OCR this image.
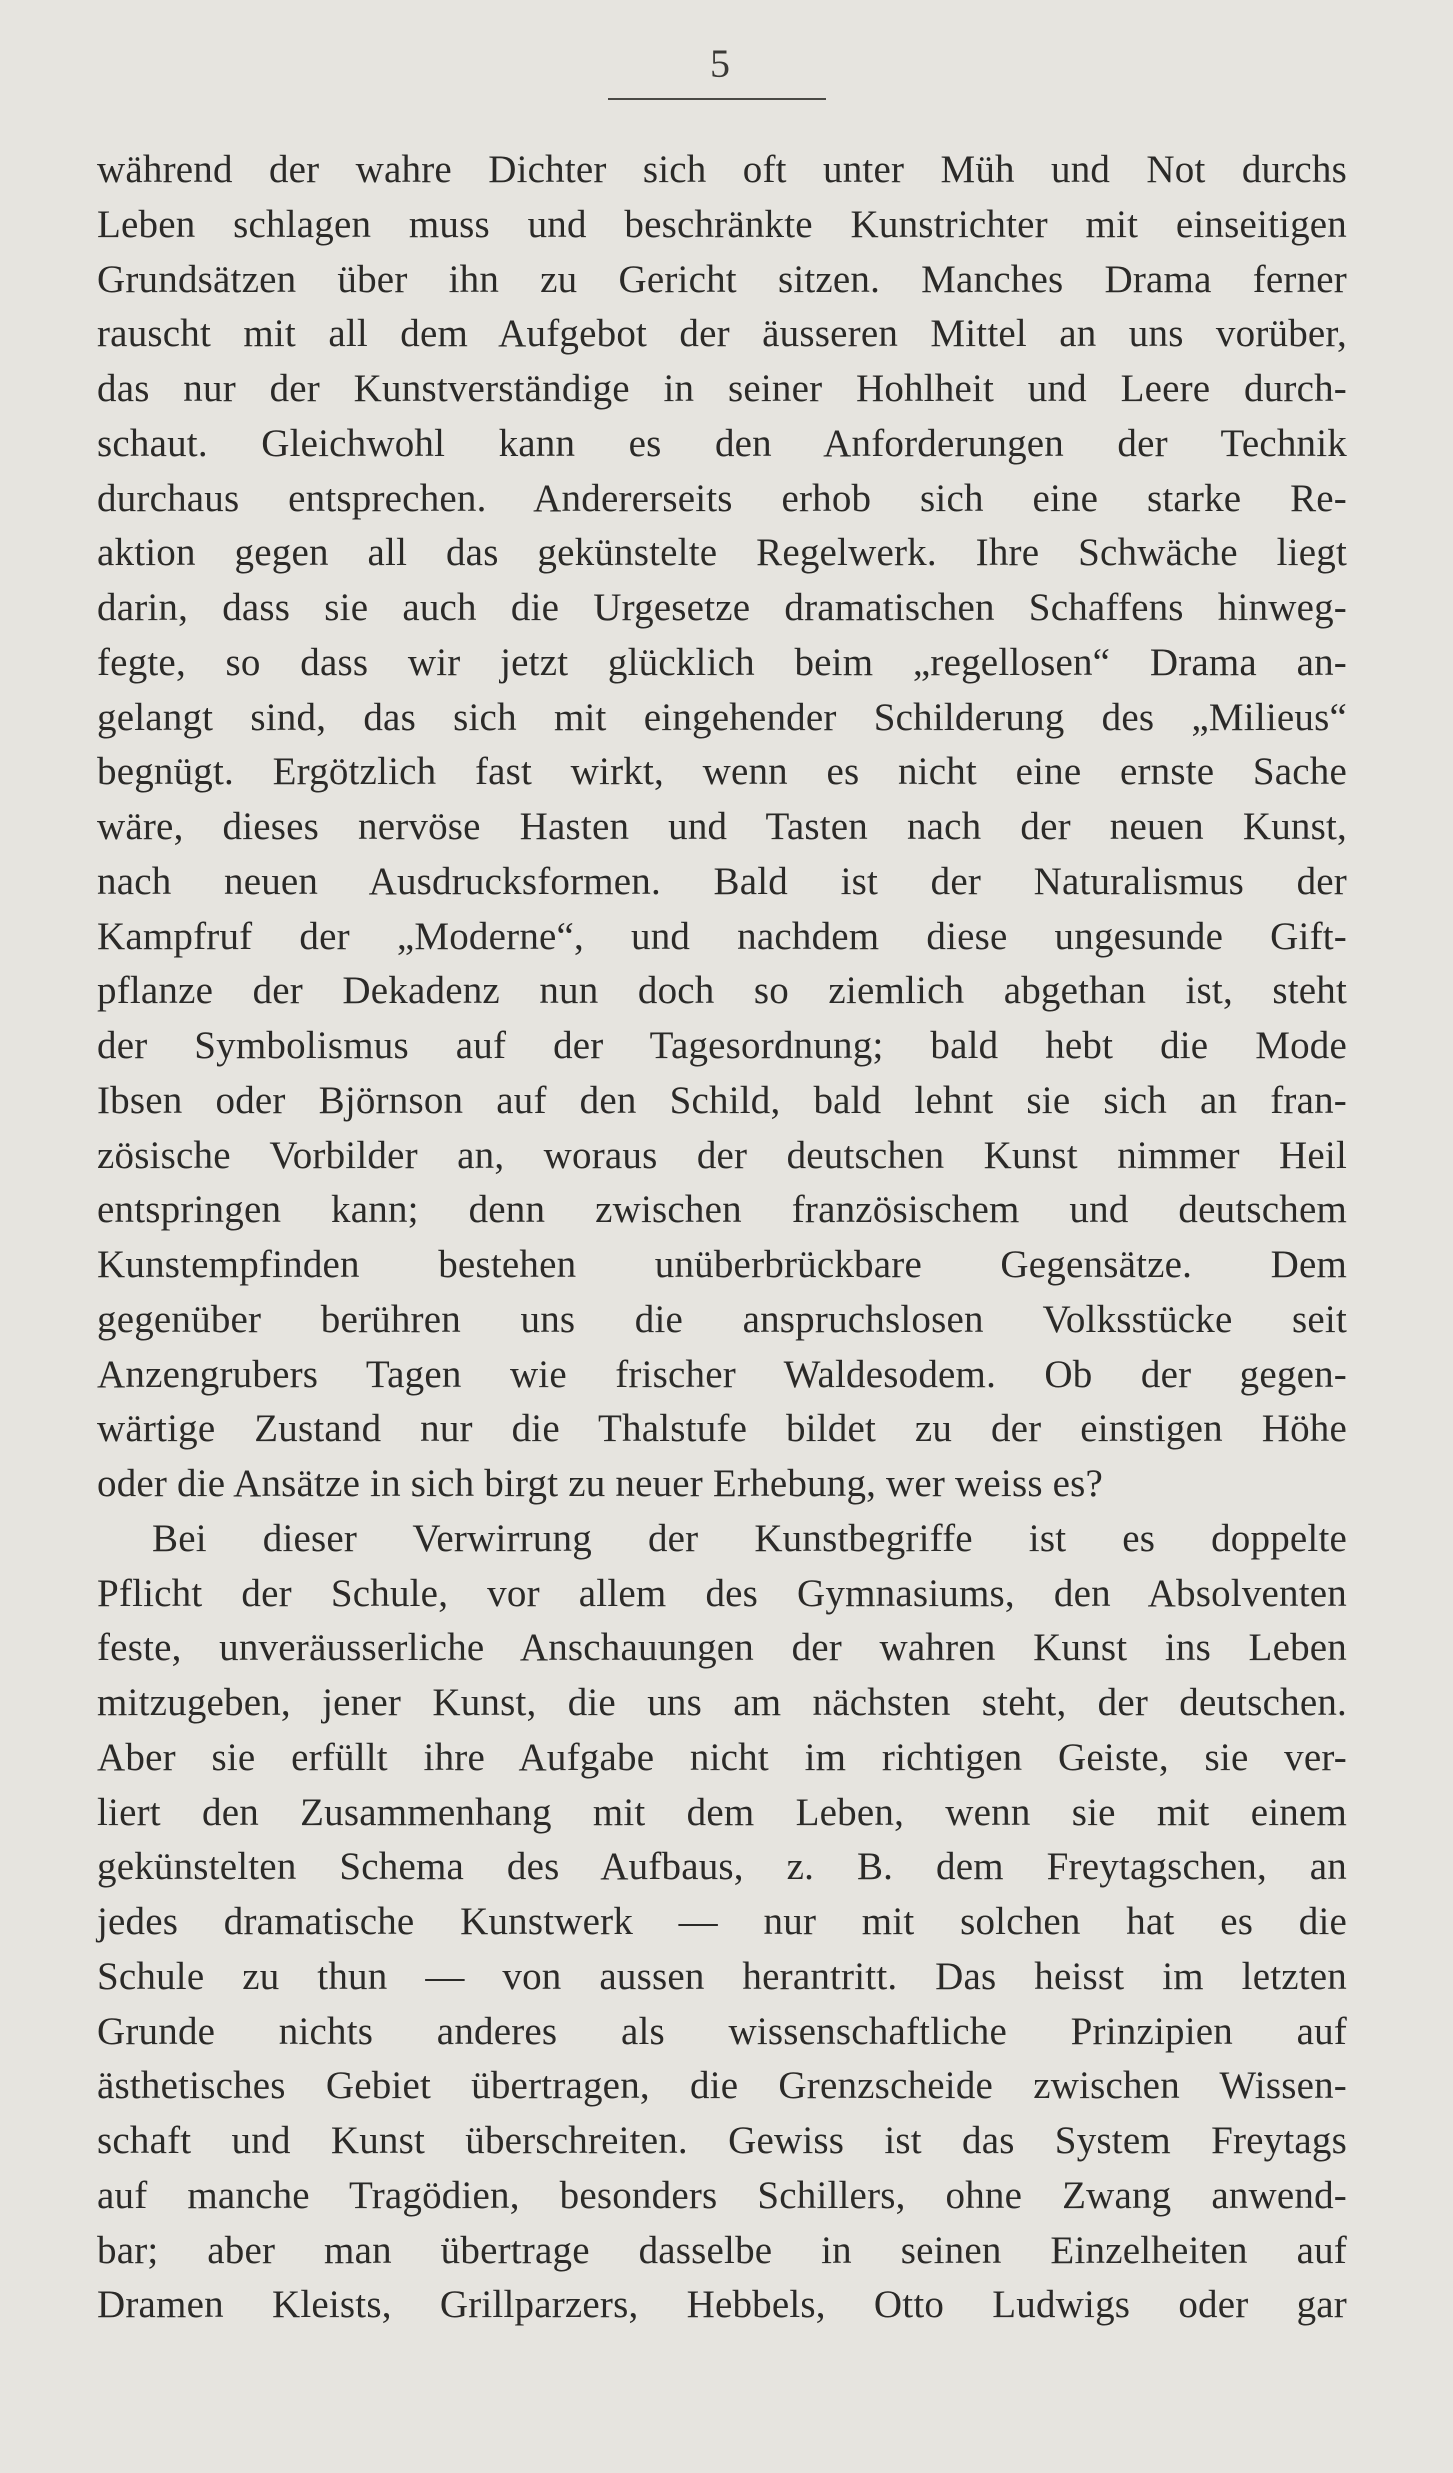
5
während der wahre Dichter sich oft unter Müh und Not durchs
Leben schlagen muss und beschränkte Kunstrichter mit einseitigen
Grundsätzen über ihn zu Gericht sitzen. Manches Drama ferner
rauscht mit all dem Aufgebot der äusseren Mittel an uns vorüber,
das nur der Kunstverständige in seiner Hohlheit und Leere durch-
schaut. Gleichwohl kann es den Anforderungen der Technik
durchaus entsprechen. Andererseits erhob sich eine starke Re-
aktion gegen all das gekünstelte Regelwerk. Ihre Schwäche liegt
darin, dass sie auch die Urgesetze dramatischen Schaffens hinweg-
fegte, so dass wir jetzt glücklich beim „regellosen“ Drama an-
gelangt sind, das sich mit eingehender Schilderung des „Milieus“
begnügt. Ergötzlich fast wirkt, wenn es nicht eine ernste Sache
wäre, dieses nervöse Hasten und Tasten nach der neuen Kunst,
nach neuen Ausdrucksformen. Bald ist der Naturalismus der
Kampfruf der „Moderne“, und nachdem diese ungesunde Gift-
pflanze der Dekadenz nun doch so ziemlich abgethan ist, steht
der Symbolismus auf der Tagesordnung; bald hebt die Mode
Ibsen oder Björnson auf den Schild, bald lehnt sie sich an fran-
zösische Vorbilder an, woraus der deutschen Kunst nimmer Heil
entspringen kann; denn zwischen französischem und deutschem
Kunstempfinden bestehen unüberbrückbare Gegensätze. Dem
gegenüber berühren uns die anspruchslosen Volksstücke seit
Anzengrubers Tagen wie frischer Waldesodem. Ob der gegen-
wärtige Zustand nur die Thalstufe bildet zu der einstigen Höhe
oder die Ansätze in sich birgt zu neuer Erhebung, wer weiss es?
Bei dieser Verwirrung der Kunstbegriffe ist es doppelte
Pflicht der Schule, vor allem des Gymnasiums, den Absolventen
feste, unveräusserliche Anschauungen der wahren Kunst ins Leben
mitzugeben, jener Kunst, die uns am nächsten steht, der deutschen.
Aber sie erfüllt ihre Aufgabe nicht im richtigen Geiste, sie ver-
liert den Zusammenhang mit dem Leben, wenn sie mit einem
gekünstelten Schema des Aufbaus, z. B. dem Freytagschen, an
jedes dramatische Kunstwerk — nur mit solchen hat es die
Schule zu thun — von aussen herantritt. Das heisst im letzten
Grunde nichts anderes als wissenschaftliche Prinzipien auf
ästhetisches Gebiet übertragen, die Grenzscheide zwischen Wissen-
schaft und Kunst überschreiten. Gewiss ist das System Freytags
auf manche Tragödien, besonders Schillers, ohne Zwang anwend-
bar; aber man übertrage dasselbe in seinen Einzelheiten auf
Dramen Kleists, Grillparzers, Hebbels, Otto Ludwigs oder gar
